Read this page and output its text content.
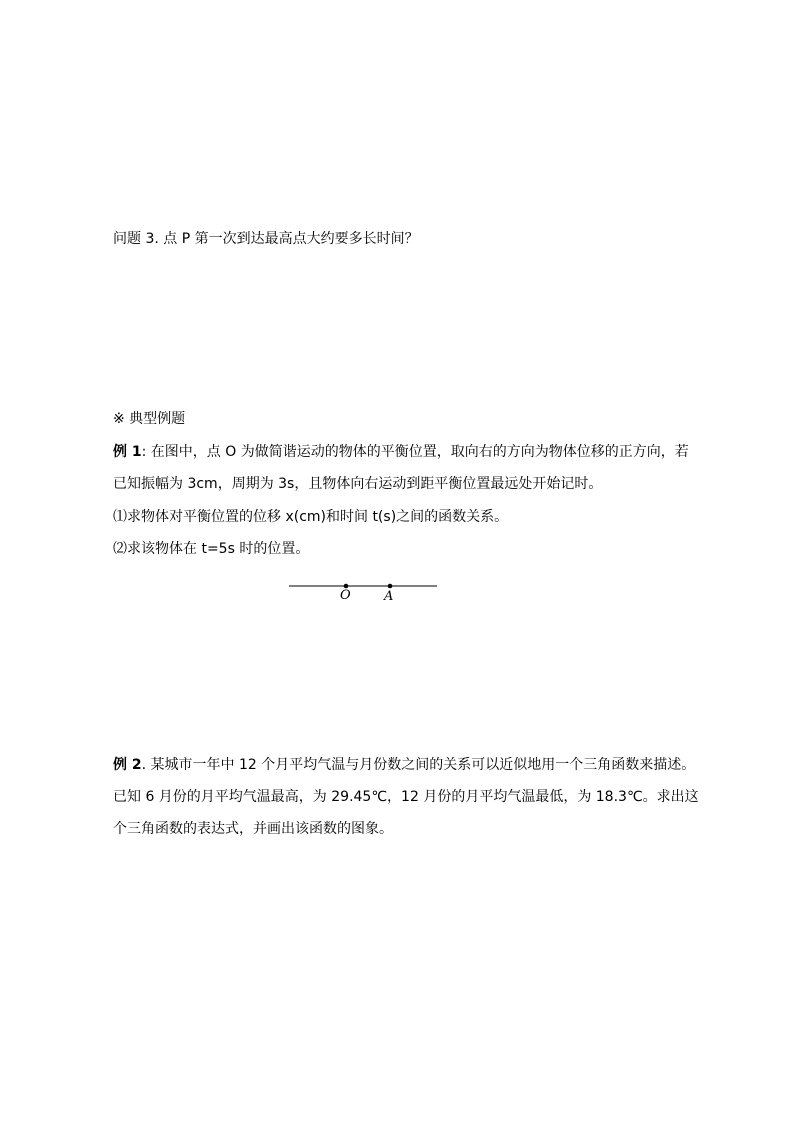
问题 3. 点 P 第一次到达最高点大约要多长时间？
※ 典型例题
例 1: 在图中，点 O 为做简谐运动的物体的平衡位置，取向右的方向为物体位移的正方向，若
已知振幅为 3cm，周期为 3s，且物体向右运动到距平衡位置最远处开始记时。
⑴求物体对平衡位置的位移 x(cm)和时间 t(s)之间的函数关系。
⑵求该物体在 t=5s 时的位置。
O	A
例 2. 某城市一年中 12 个月平均气温与月份数之间的关系可以近似地用一个三角函数来描述。
已知 6 月份的月平均气温最高，为 29.45℃，12 月份的月平均气温最低，为 18.3℃。求出这
个三角函数的表达式，并画出该函数的图象。
